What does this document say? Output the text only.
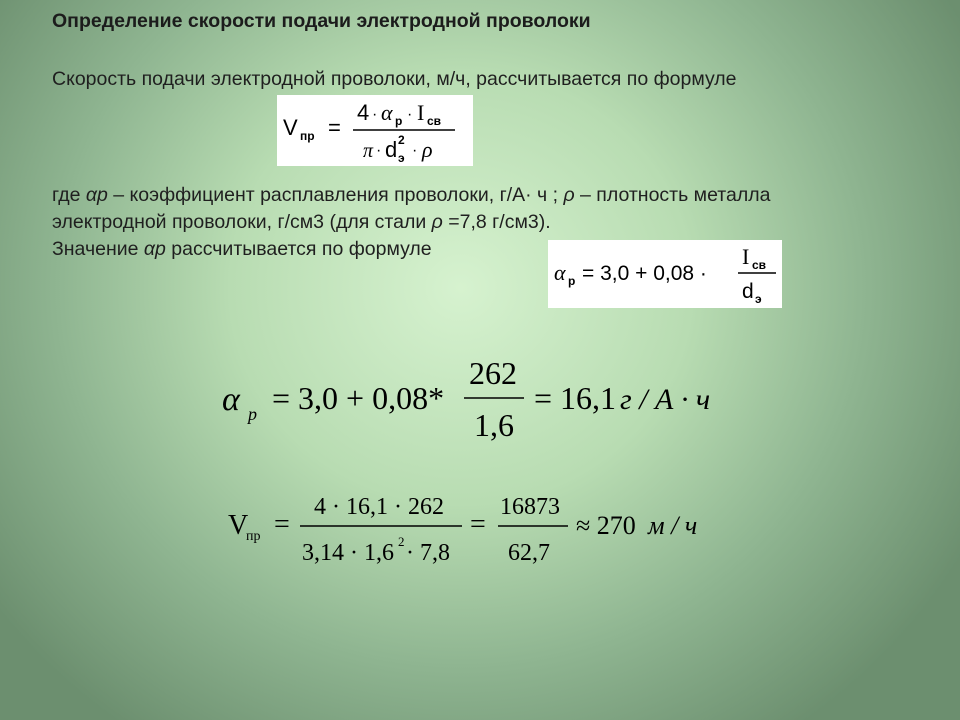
Определение скорости подачи электродной проволоки
Скорость подачи электродной проволоки, м/ч, рассчитывается по формуле
V пр =
4 · α р · I св
π · d э
2
· ρ
где αр – коэффициент расплавления проволоки, г/А· ч ; ρ – плотность металла электродной проволоки, г/см3 (для стали ρ =7,8 г/см3).
Значение αр рассчитывается по формуле
α р = 3,0 + 0,08 ·
I св
d э
α р = 3,0 + 0,08*
262
1,6
= 16,1 г / А · ч
V
пр =
4 · 16,1 · 262
3,14 · 1,6 2 · 7,8
=
16873
62,7
≈ 270 м / ч
